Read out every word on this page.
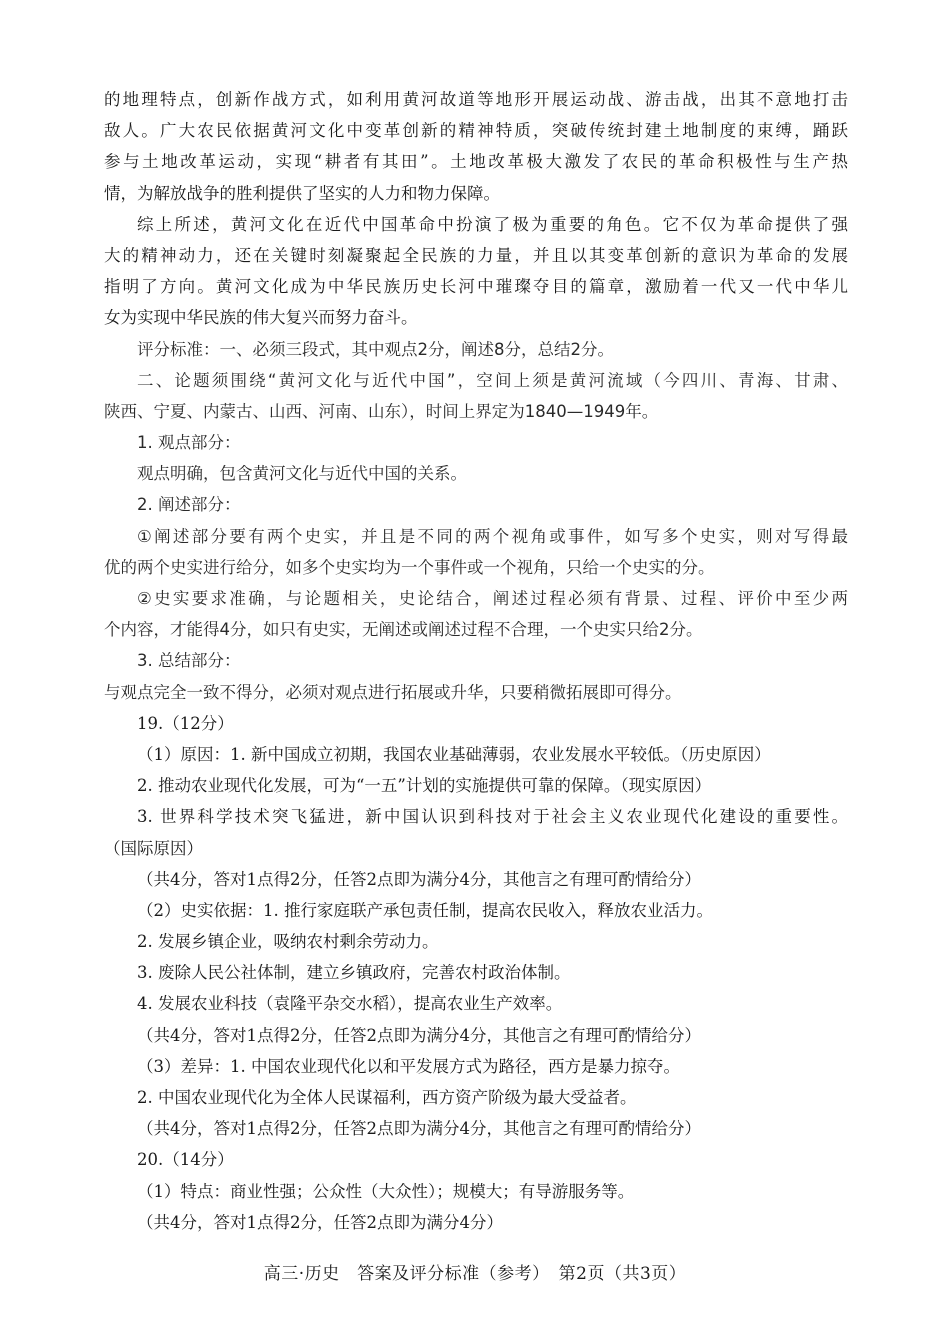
的地理特点，创新作战方式，如利用黄河故道等地形开展运动战、游击战，出其不意地打击
敌人。广大农民依据黄河文化中变革创新的精神特质，突破传统封建土地制度的束缚，踊跃
参与土地改革运动，实现“耕者有其田”。土地改革极大激发了农民的革命积极性与生产热
情，为解放战争的胜利提供了坚实的人力和物力保障。
综上所述，黄河文化在近代中国革命中扮演了极为重要的角色。它不仅为革命提供了强
大的精神动力，还在关键时刻凝聚起全民族的力量，并且以其变革创新的意识为革命的发展
指明了方向。黄河文化成为中华民族历史长河中璀璨夺目的篇章，激励着一代又一代中华儿
女为实现中华民族的伟大复兴而努力奋斗。
评分标准：一、必须三段式，其中观点2分，阐述8分，总结2分。
二、论题须围绕“黄河文化与近代中国”，空间上须是黄河流域（今四川、青海、甘肃、
陕西、宁夏、内蒙古、山西、河南、山东），时间上界定为1840—1949年。
1. 观点部分：
观点明确，包含黄河文化与近代中国的关系。
2. 阐述部分：
①阐述部分要有两个史实，并且是不同的两个视角或事件，如写多个史实，则对写得最
优的两个史实进行给分，如多个史实均为一个事件或一个视角，只给一个史实的分。
②史实要求准确，与论题相关，史论结合，阐述过程必须有背景、过程、评价中至少两
个内容，才能得4分，如只有史实，无阐述或阐述过程不合理，一个史实只给2分。
3. 总结部分：
与观点完全一致不得分，必须对观点进行拓展或升华，只要稍微拓展即可得分。
19.（12分）
（1）原因：1. 新中国成立初期，我国农业基础薄弱，农业发展水平较低。（历史原因）
2. 推动农业现代化发展，可为“一五”计划的实施提供可靠的保障。（现实原因）
3. 世界科学技术突飞猛进，新中国认识到科技对于社会主义农业现代化建设的重要性。
（国际原因）
（共4分，答对1点得2分，任答2点即为满分4分，其他言之有理可酌情给分）
（2）史实依据：1. 推行家庭联产承包责任制，提高农民收入，释放农业活力。
2. 发展乡镇企业，吸纳农村剩余劳动力。
3. 废除人民公社体制，建立乡镇政府，完善农村政治体制。
4. 发展农业科技（袁隆平杂交水稻），提高农业生产效率。
（共4分，答对1点得2分，任答2点即为满分4分，其他言之有理可酌情给分）
（3）差异：1. 中国农业现代化以和平发展方式为路径，西方是暴力掠夺。
2. 中国农业现代化为全体人民谋福利，西方资产阶级为最大受益者。
（共4分，答对1点得2分，任答2点即为满分4分，其他言之有理可酌情给分）
20.（14分）
（1）特点：商业性强；公众性（大众性）；规模大；有导游服务等。
（共4分，答对1点得2分，任答2点即为满分4分）
高三·历史　答案及评分标准（参考）　第2页（共3页）
